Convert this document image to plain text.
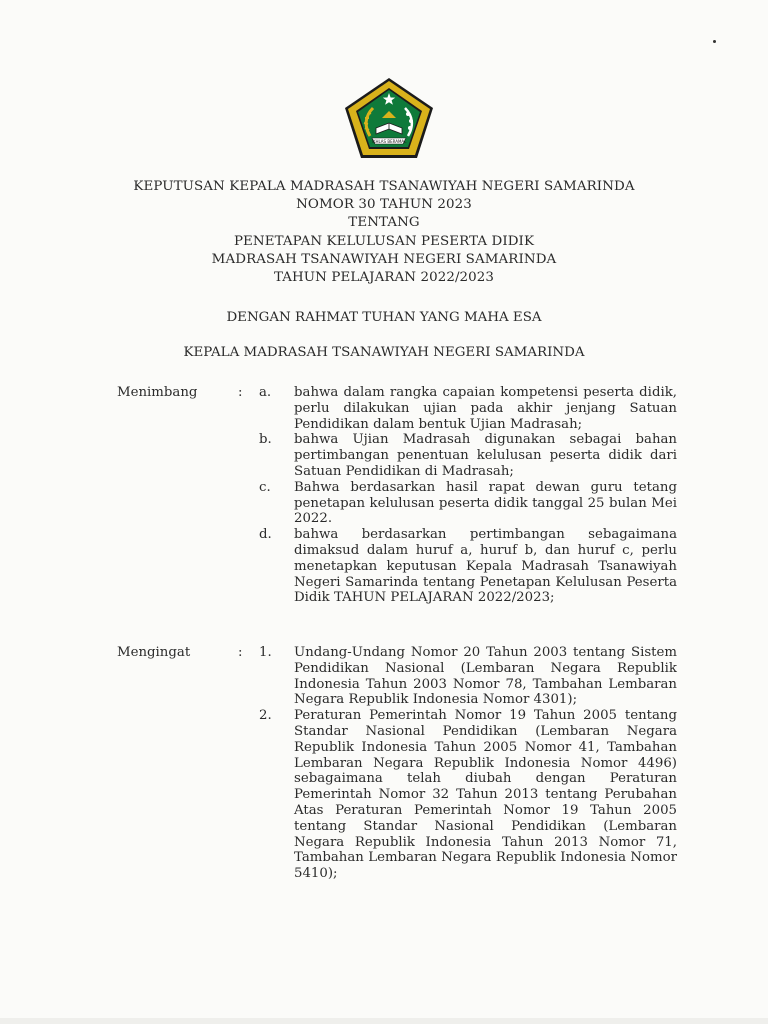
IKHLAS BERAMAL
KEPUTUSAN KEPALA MADRASAH TSANAWIYAH NEGERI SAMARINDA
NOMOR 30 TAHUN 2023
TENTANG
PENETAPAN KELULUSAN PESERTA DIDIK
MADRASAH TSANAWIYAH NEGERI SAMARINDA
TAHUN PELAJARAN 2022/2023
DENGAN RAHMAT TUHAN YANG MAHA ESA
KEPALA MADRASAH TSANAWIYAH NEGERI SAMARINDA
Menimbang	: a. bahwa dalam rangka capaian kompetensi peserta didik, perlu dilakukan ujian pada akhir jenjang Satuan Pendidikan dalam bentuk Ujian Madrasah;
b. bahwa Ujian Madrasah digunakan sebagai bahan pertimbangan penentuan kelulusan peserta didik dari Satuan Pendidikan di Madrasah;
c. Bahwa berdasarkan hasil rapat dewan guru tetang penetapan kelulusan peserta didik tanggal 25 bulan Mei 2022.
d. bahwa berdasarkan pertimbangan sebagaimana dimaksud dalam huruf a, huruf b, dan huruf c, perlu menetapkan keputusan Kepala Madrasah Tsanawiyah Negeri Samarinda tentang Penetapan Kelulusan Peserta Didik TAHUN PELAJARAN 2022/2023;
Mengingat	: 1. Undang-Undang Nomor 20 Tahun 2003 tentang Sistem Pendidikan Nasional (Lembaran Negara Republik Indonesia Tahun 2003 Nomor 78, Tambahan Lembaran Negara Republik Indonesia Nomor 4301);
2. Peraturan Pemerintah Nomor 19 Tahun 2005 tentang Standar Nasional Pendidikan (Lembaran Negara Republik Indonesia Tahun 2005 Nomor 41, Tambahan Lembaran Negara Republik Indonesia Nomor 4496) sebagaimana telah diubah dengan Peraturan Pemerintah Nomor 32 Tahun 2013 tentang Perubahan Atas Peraturan Pemerintah Nomor 19 Tahun 2005 tentang Standar Nasional Pendidikan (Lembaran Negara Republik Indonesia Tahun 2013 Nomor 71, Tambahan Lembaran Negara Republik Indonesia Nomor 5410);
